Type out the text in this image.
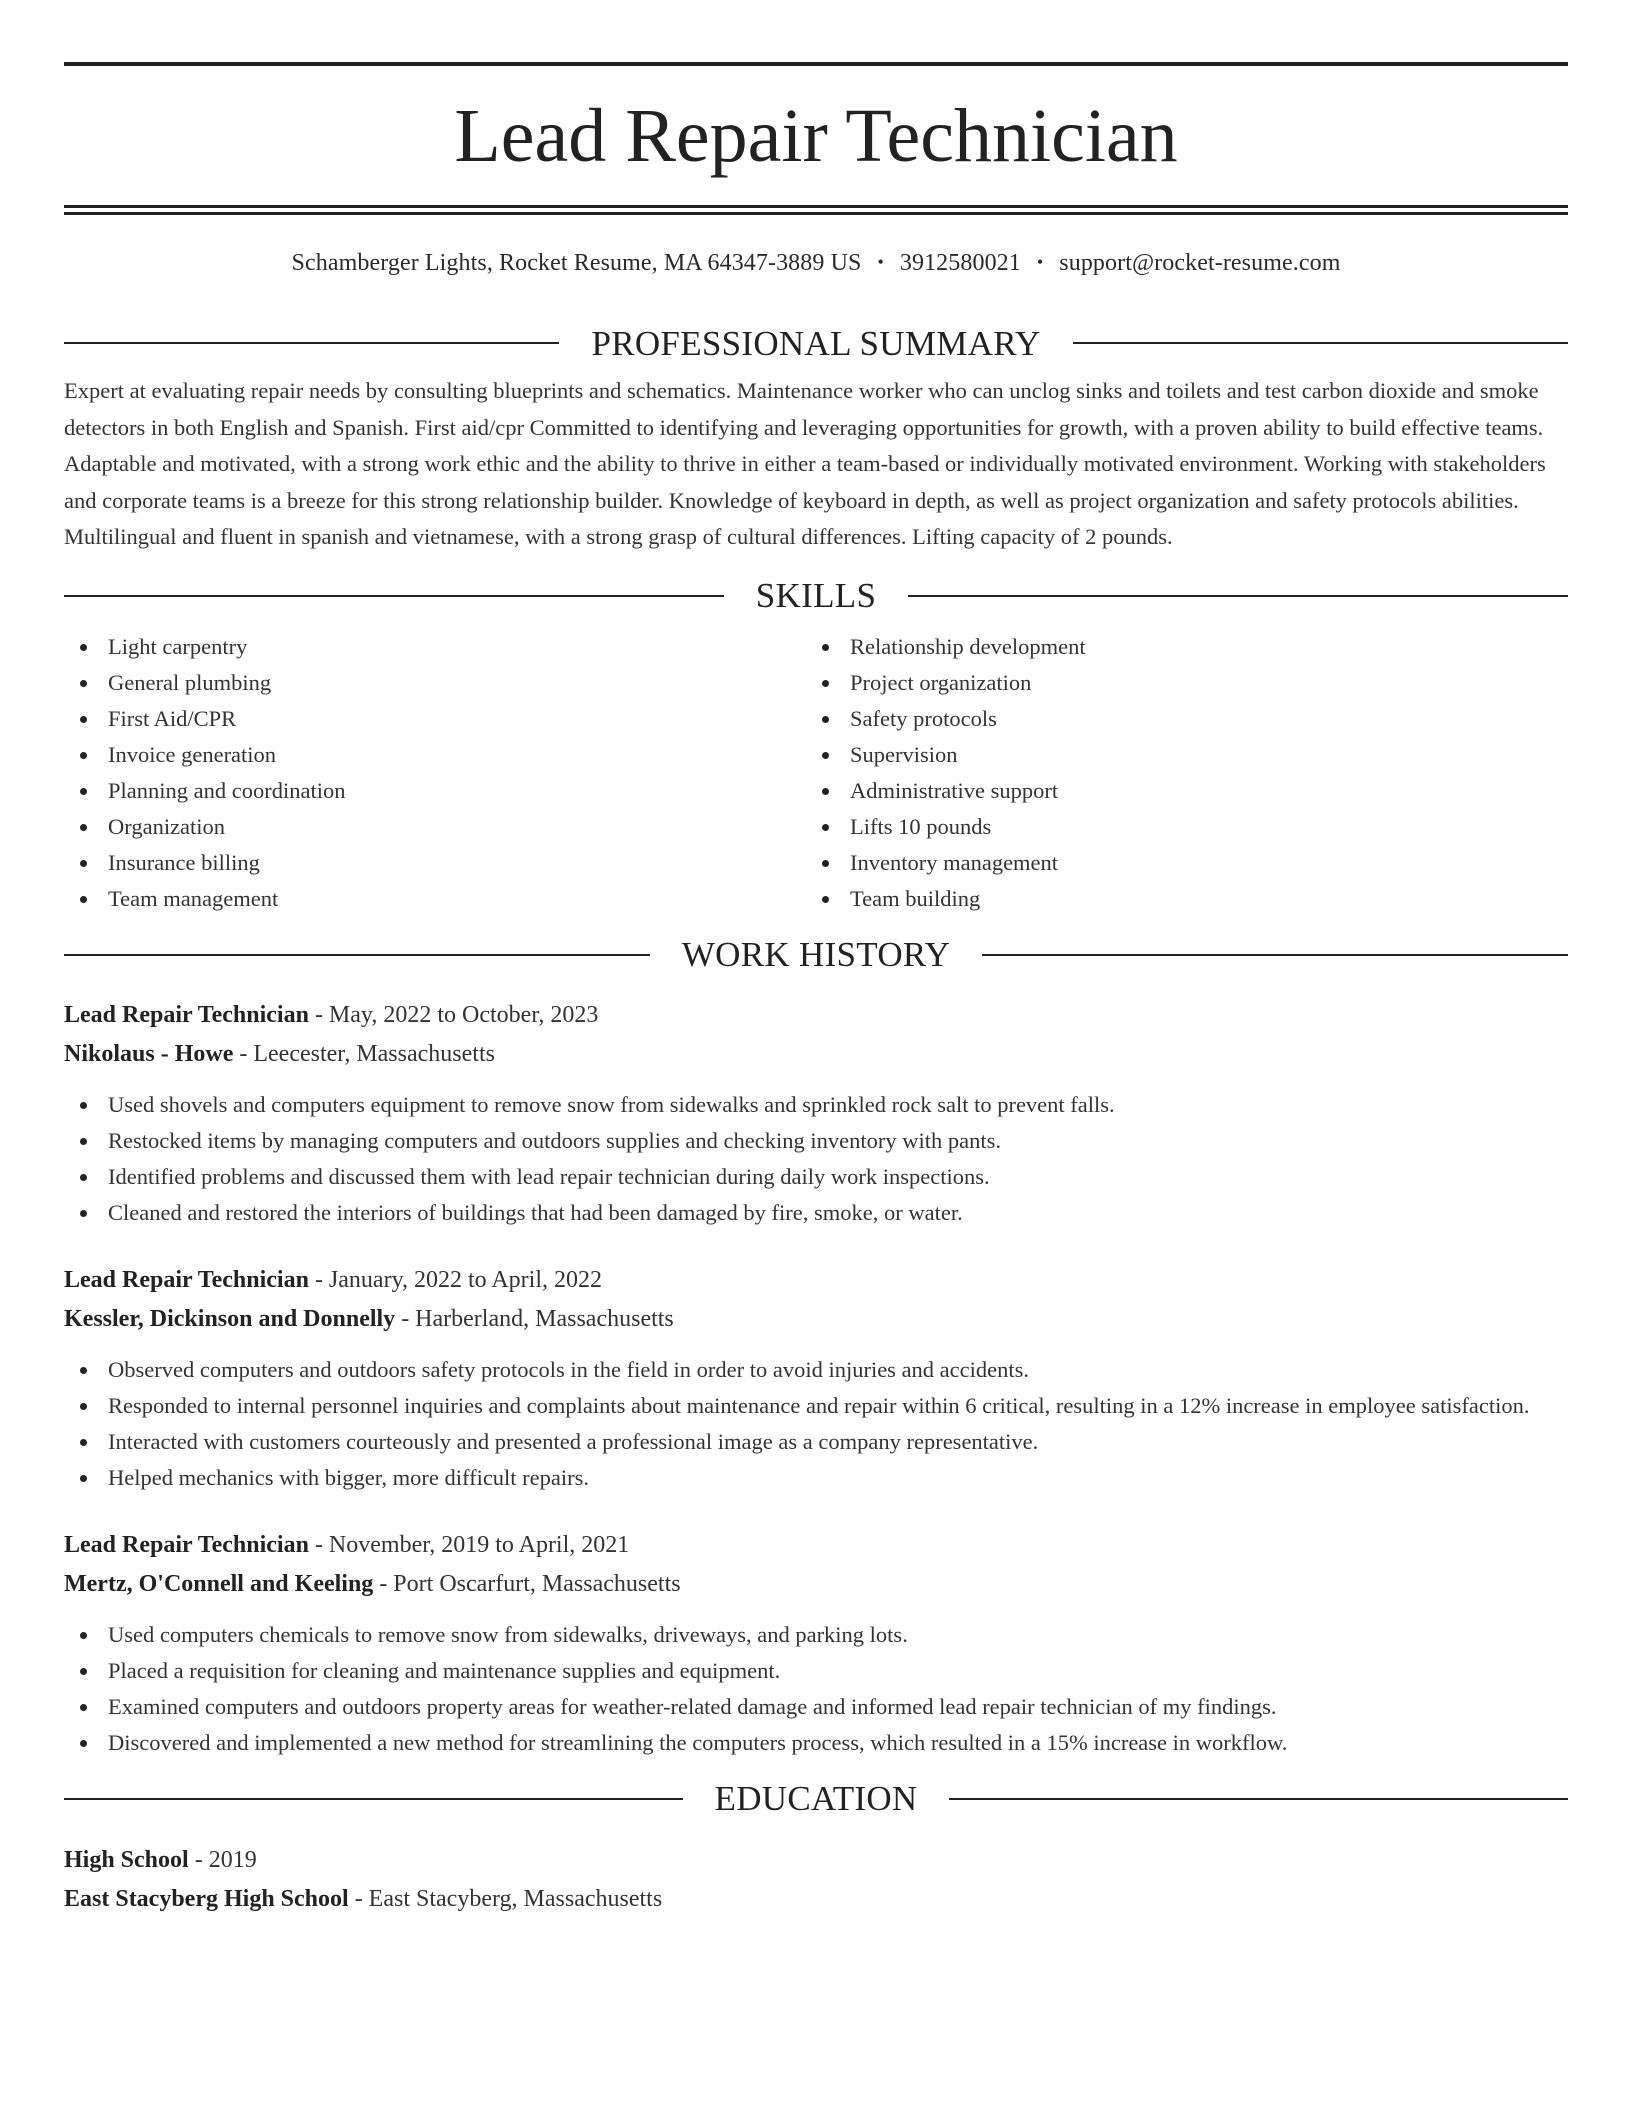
Lead Repair Technician
Schamberger Lights, Rocket Resume, MA 64347-3889 US • 3912580021 • support@rocket-resume.com
PROFESSIONAL SUMMARY

Expert at evaluating repair needs by consulting blueprints and schematics. Maintenance worker who can unclog sinks and toilets and test carbon dioxide and smoke detectors in both English and Spanish. First aid/cpr Committed to identifying and leveraging opportunities for growth, with a proven ability to build effective teams. Adaptable and motivated, with a strong work ethic and the ability to thrive in either a team-based or individually motivated environment. Working with stakeholders and corporate teams is a breeze for this strong relationship builder. Knowledge of keyboard in depth, as well as project organization and safety protocols abilities. Multilingual and fluent in spanish and vietnamese, with a strong grasp of cultural differences. Lifting capacity of 2 pounds.

SKILLS
Light carpentry
General plumbing
First Aid/CPR
Invoice generation
Planning and coordination
Organization
Insurance billing
Team management
Relationship development
Project organization
Safety protocols
Supervision
Administrative support
Lifts 10 pounds
Inventory management
Team building
WORK HISTORY
Lead Repair Technician - May, 2022 to October, 2023
Nikolaus - Howe - Leecester, Massachusetts
Used shovels and computers equipment to remove snow from sidewalks and sprinkled rock salt to prevent falls.
Restocked items by managing computers and outdoors supplies and checking inventory with pants.
Identified problems and discussed them with lead repair technician during daily work inspections.
Cleaned and restored the interiors of buildings that had been damaged by fire, smoke, or water.
Lead Repair Technician - January, 2022 to April, 2022
Kessler, Dickinson and Donnelly - Harberland, Massachusetts
Observed computers and outdoors safety protocols in the field in order to avoid injuries and accidents.
Responded to internal personnel inquiries and complaints about maintenance and repair within 6 critical, resulting in a 12% increase in employee satisfaction.
Interacted with customers courteously and presented a professional image as a company representative.
Helped mechanics with bigger, more difficult repairs.
Lead Repair Technician - November, 2019 to April, 2021
Mertz, O'Connell and Keeling - Port Oscarfurt, Massachusetts
Used computers chemicals to remove snow from sidewalks, driveways, and parking lots.
Placed a requisition for cleaning and maintenance supplies and equipment.
Examined computers and outdoors property areas for weather-related damage and informed lead repair technician of my findings.
Discovered and implemented a new method for streamlining the computers process, which resulted in a 15% increase in workflow.
EDUCATION
High School - 2019
East Stacyberg High School - East Stacyberg, Massachusetts
